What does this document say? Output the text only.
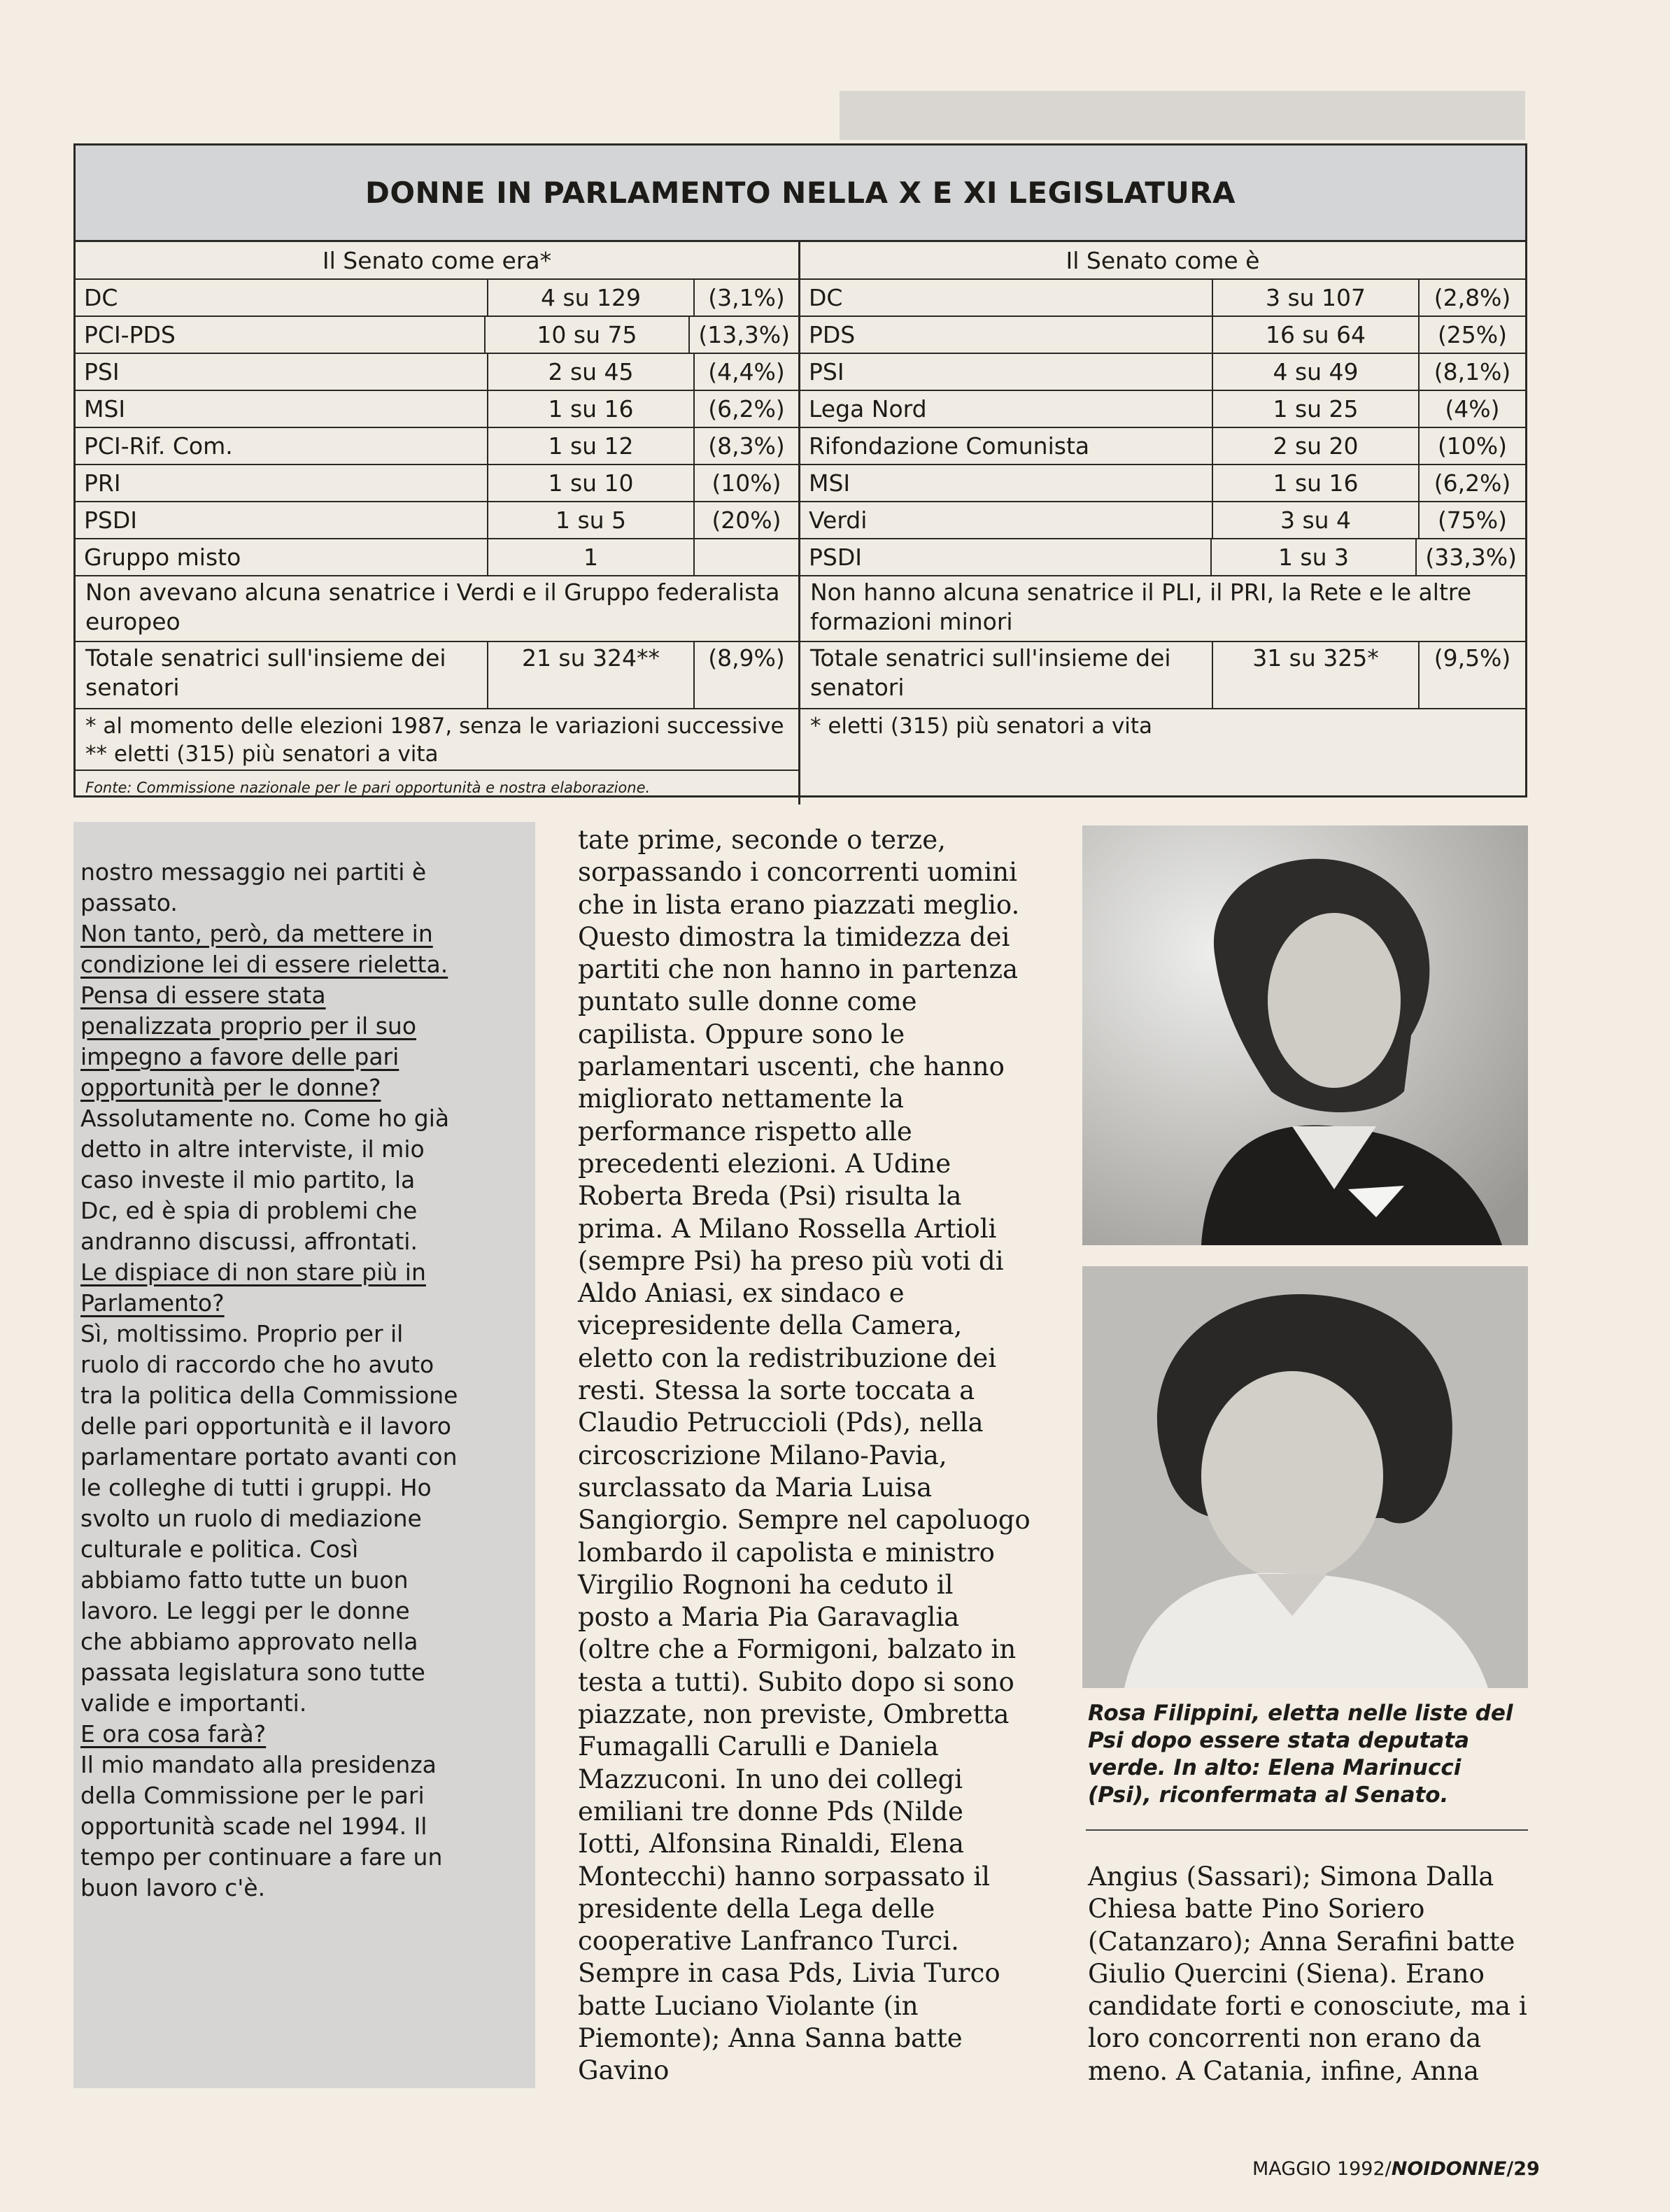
DONNE IN PARLAMENTO NELLA X E XI LEGISLATURA
Il Senato come era*
DC	4 su 129	(3,1%)
PCI-PDS	10 su 75	(13,3%)
PSI	2 su 45	(4,4%)
MSI	1 su 16	(6,2%)
PCI-Rif. Com.	1 su 12	(8,3%)
PRI	1 su 10	(10%)
PSDI	1 su 5	(20%)
Gruppo misto	1
Non avevano alcuna senatrice i Verdi e il Gruppo federalista europeo
Totale senatrici sull'insieme dei senatori
21 su 324**	(8,9%)
* al momento delle elezioni 1987, senza le variazioni successive
** eletti (315) più senatori a vita
Fonte: Commissione nazionale per le pari opportunità e nostra elaborazione.
Il Senato come è
DC	3 su 107	(2,8%)
PDS	16 su 64	(25%)
PSI	4 su 49	(8,1%)
Lega Nord	1 su 25	(4%)
Rifondazione Comunista	2 su 20	(10%)
MSI	1 su 16	(6,2%)
Verdi	3 su 4	(75%)
PSDI	1 su 3	(33,3%)
Non hanno alcuna senatrice il PLI, il PRI, la Rete e le altre formazioni minori
Totale senatrici sull'insieme dei senatori
31 su 325*	(9,5%)
* eletti (315) più senatori a vita

nostro messaggio nei partiti è passato.

Non tanto, però, da mettere in condizione lei di essere rieletta. Pensa di essere stata penalizzata proprio per il suo impegno a favore delle pari opportunità per le donne?

Assolutamente no. Come ho già detto in altre interviste, il mio caso investe il mio partito, la Dc, ed è spia di problemi che andranno discussi, affrontati.

Le dispiace di non stare più in Parlamento?

Sì, moltissimo. Proprio per il ruolo di raccordo che ho avuto tra la politica della Commissione delle pari opportunità e il lavoro parlamentare portato avanti con le colleghe di tutti i gruppi. Ho svolto un ruolo di mediazione culturale e politica. Così abbiamo fatto tutte un buon lavoro. Le leggi per le donne che abbiamo approvato nella passata legislatura sono tutte valide e importanti.

E ora cosa farà?

Il mio mandato alla presidenza della Commissione per le pari opportunità scade nel 1994. Il tempo per continuare a fare un buon lavoro c'è.

tate prime, seconde o terze, sorpassando i concorrenti uomini che in lista erano piazzati meglio. Questo dimostra la timidezza dei partiti che non hanno in partenza puntato sulle donne come capilista. Oppure sono le parlamentari uscenti, che hanno migliorato nettamente la performance rispetto alle precedenti elezioni. A Udine Roberta Breda (Psi) risulta la prima. A Milano Rossella Artioli (sempre Psi) ha preso più voti di Aldo Aniasi, ex sindaco e vicepresidente della Camera, eletto con la redistribuzione dei resti. Stessa la sorte toccata a Claudio Petruccioli (Pds), nella circoscrizione Milano-Pavia, surclassato da Maria Luisa Sangiorgio. Sempre nel capoluogo lombardo il capolista e ministro Virgilio Rognoni ha ceduto il posto a Maria Pia Garavaglia (oltre che a Formigoni, balzato in testa a tutti). Subito dopo si sono piazzate, non previste, Ombretta Fumagalli Carulli e Daniela Mazzuconi. In uno dei collegi emiliani tre donne Pds (Nilde Iotti, Alfonsina Rinaldi, Elena Montecchi) hanno sorpassato il presidente della Lega delle cooperative Lanfranco Turci. Sempre in casa Pds, Livia Turco batte Luciano Violante (in Piemonte); Anna Sanna batte Gavino

Rosa Filippini, eletta nelle liste del Psi dopo essere stata deputata verde. In alto: Elena Marinucci (Psi), riconfermata al Senato.

Angius (Sassari); Simona Dalla Chiesa batte Pino Soriero (Catanzaro); Anna Serafini batte Giulio Quercini (Siena). Erano candidate forti e conosciute, ma i loro concorrenti non erano da meno. A Catania, infine, Anna

MAGGIO 1992/NOIDONNE/29
